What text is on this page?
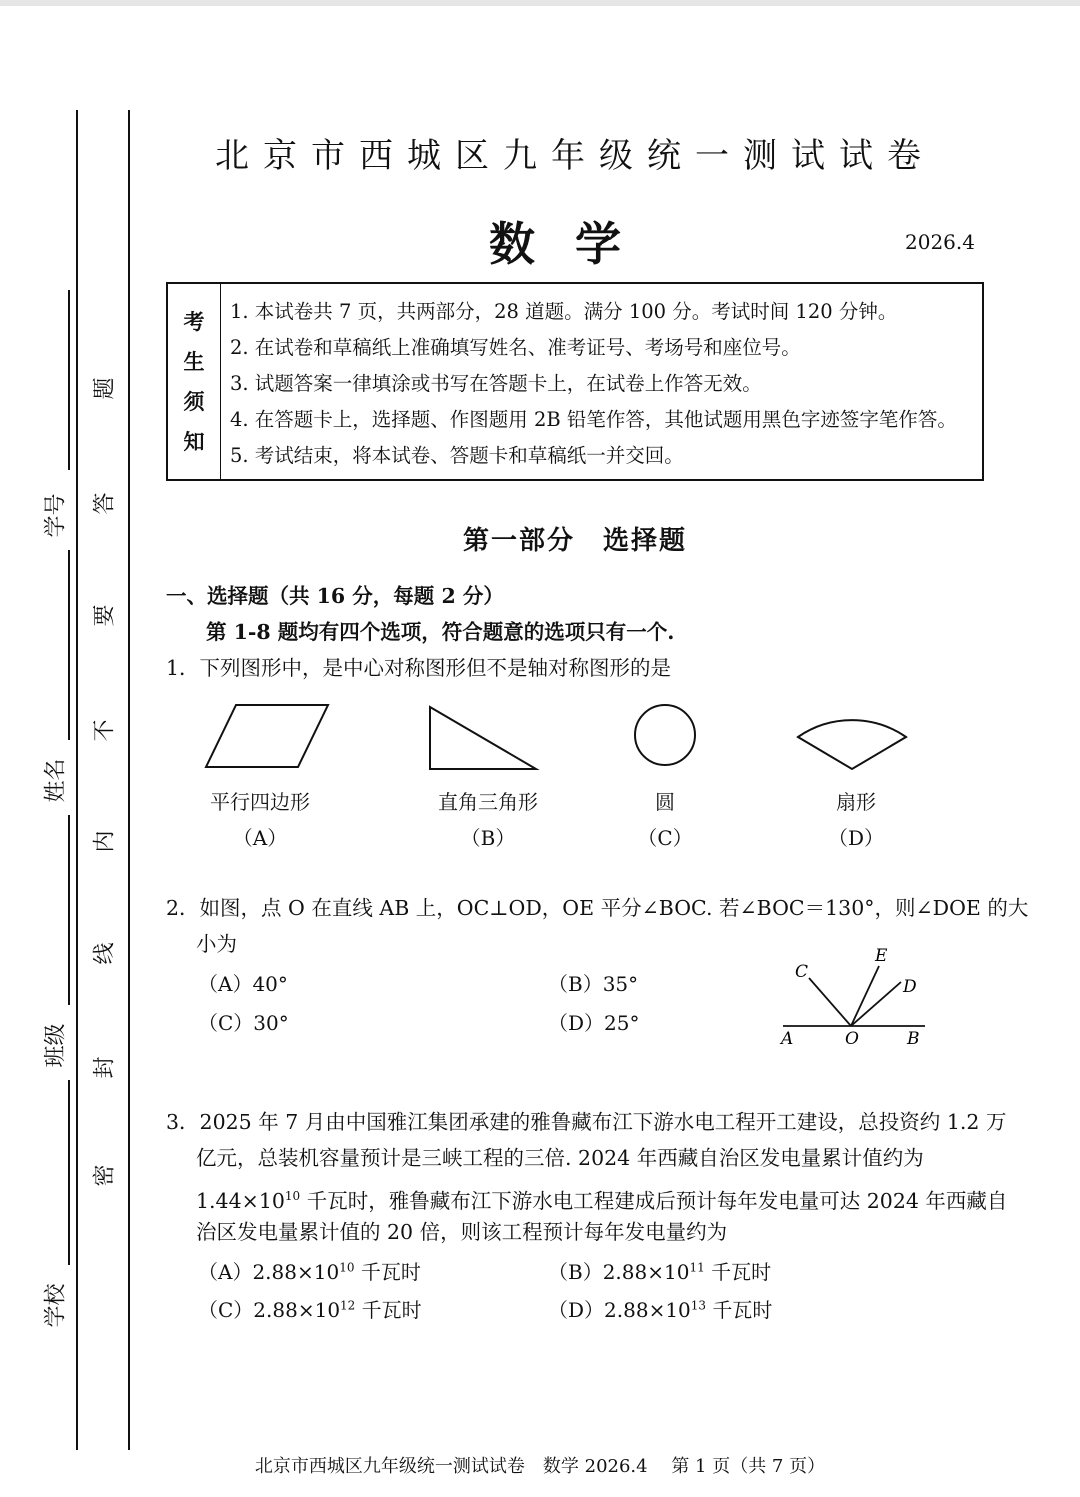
学号
姓名
班级
学校
密
封
线
内
不
要
答
题
北京市西城区九年级统一测试试卷
数学	2026.4
考
生
须
知
1. 本试卷共 7 页，共两部分，28 道题。满分 100 分。考试时间 120 分钟。
2. 在试卷和草稿纸上准确填写姓名、准考证号、考场号和座位号。
3. 试题答案一律填涂或书写在答题卡上，在试卷上作答无效。
4. 在答题卡上，选择题、作图题用 2B 铅笔作答，其他试题用黑色字迹签字笔作答。
5. 考试结束，将本试卷、答题卡和草稿纸一并交回。
第一部分　选择题
一、选择题（共 16 分，每题 2 分）
第 1-8 题均有四个选项，符合题意的选项只有一个.
1．下列图形中，是中心对称图形但不是轴对称图形的是
平行四边形
（A）
直角三角形
（B）
圆
（C）
扇形
（D）
2．如图，点 O 在直线 AB 上，OC⊥OD，OE 平分∠BOC. 若∠BOC＝130°，则∠DOE 的大
小为
（A）40°	（B）35°
（C）30°	（D）25°
C
E
D
A	O	B
3．2025 年 7 月由中国雅江集团承建的雅鲁藏布江下游水电工程开工建设，总投资约 1.2 万
亿元，总装机容量预计是三峡工程的三倍. 2024 年西藏自治区发电量累计值约为
$1.44\times 10^{10}$ 千瓦时，雅鲁藏布江下游水电工程建成后预计每年发电量可达 2024 年西藏自
治区发电量累计值的 20 倍，则该工程预计每年发电量约为
$(A)2.88\times 10^{10}$ 千瓦时	$(B)2.88\times 10^{11}$ 千瓦时
$(C)2.88\times 10^{12}$ 千瓦时	$(D)2.88\times 10^{13}$ 千瓦时
北京市西城区九年级统一测试试卷　数学 2026.4　 第 1 页（共 7 页）
